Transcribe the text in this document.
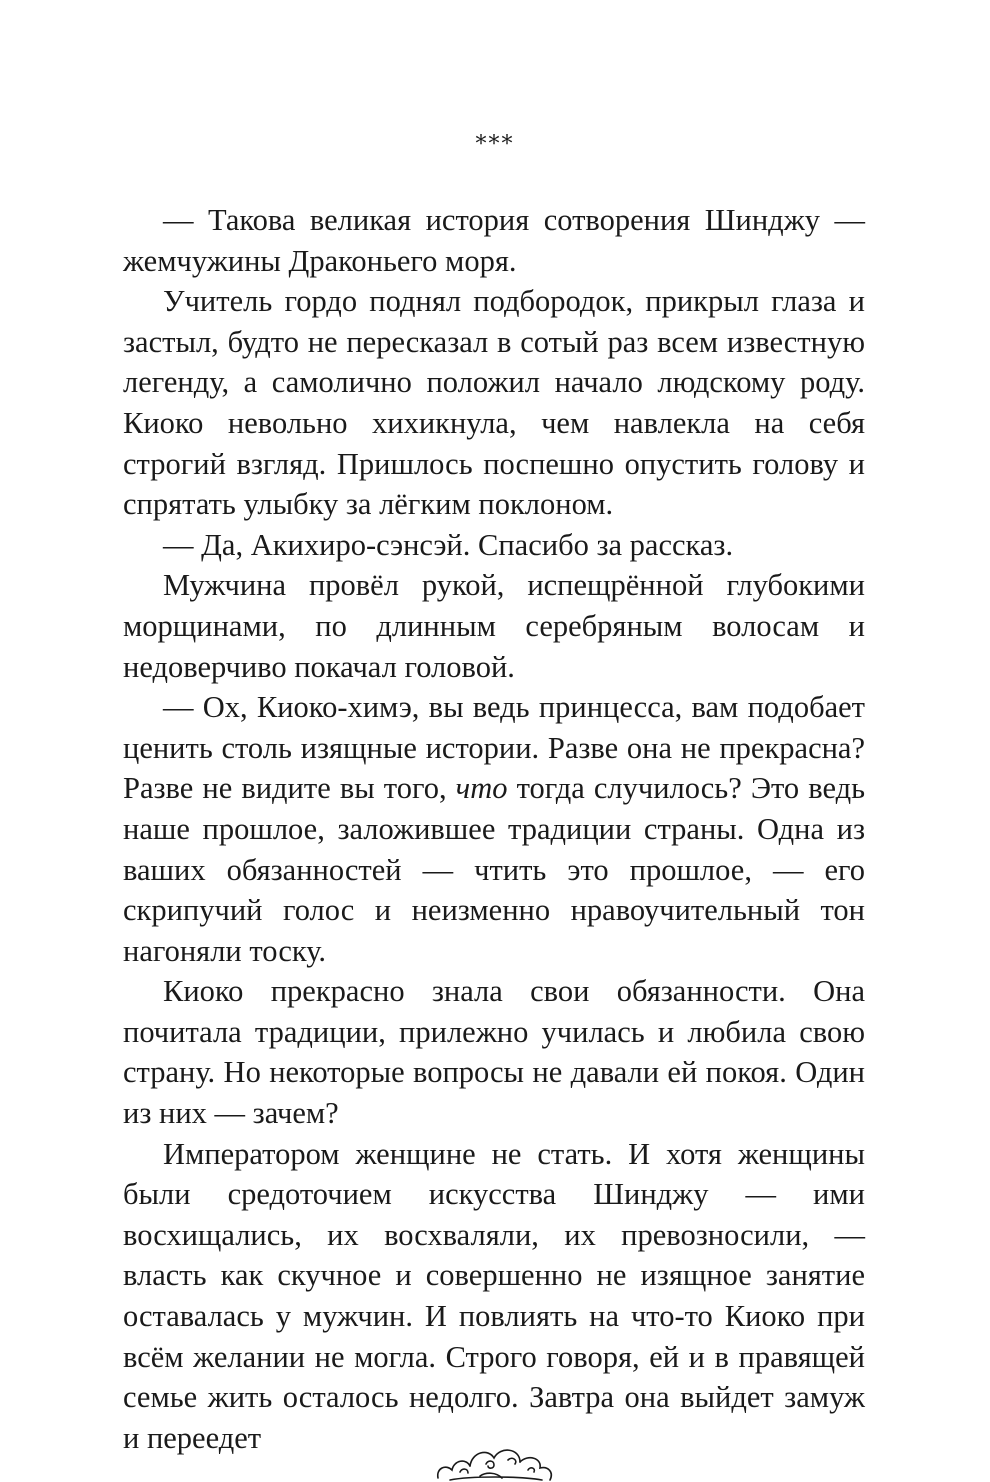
***

— Такова великая история сотворения Шинджу — жемчужины Драконьего моря.

Учитель гордо поднял подбородок, прикрыл глаза и застыл, будто не пересказал в сотый раз всем известную легенду, а самолично положил начало людскому роду. Киоко невольно хихикнула, чем навлекла на себя строгий взгляд. Пришлось поспешно опустить голову и спрятать улыбку за лёгким поклоном.

— Да, Акихиро-сэнсэй. Спасибо за рассказ.

Мужчина провёл рукой, испещрённой глубокими морщинами, по длинным серебряным волосам и недоверчиво покачал головой.

— Ох, Киоко-химэ, вы ведь принцесса, вам подобает ценить столь изящные истории. Разве она не прекрасна? Разве не видите вы того, что тогда случилось? Это ведь наше прошлое, заложившее традиции страны. Одна из ваших обязанностей — чтить это прошлое, — его скрипучий голос и неизменно нравоучительный тон нагоняли тоску.

Киоко прекрасно знала свои обязанности. Она почитала традиции, прилежно училась и любила свою страну. Но некоторые вопросы не давали ей покоя. Один из них — зачем?

Императором женщине не стать. И хотя женщины были средоточием искусства Шинджу — ими восхищались, их восхваляли, их превозносили, — власть как скучное и совершенно не изящное занятие оставалась у мужчин. И повлиять на что-то Киоко при всём желании не могла. Строго говоря, ей и в правящей семье жить осталось недолго. Завтра она выйдет замуж и переедет
